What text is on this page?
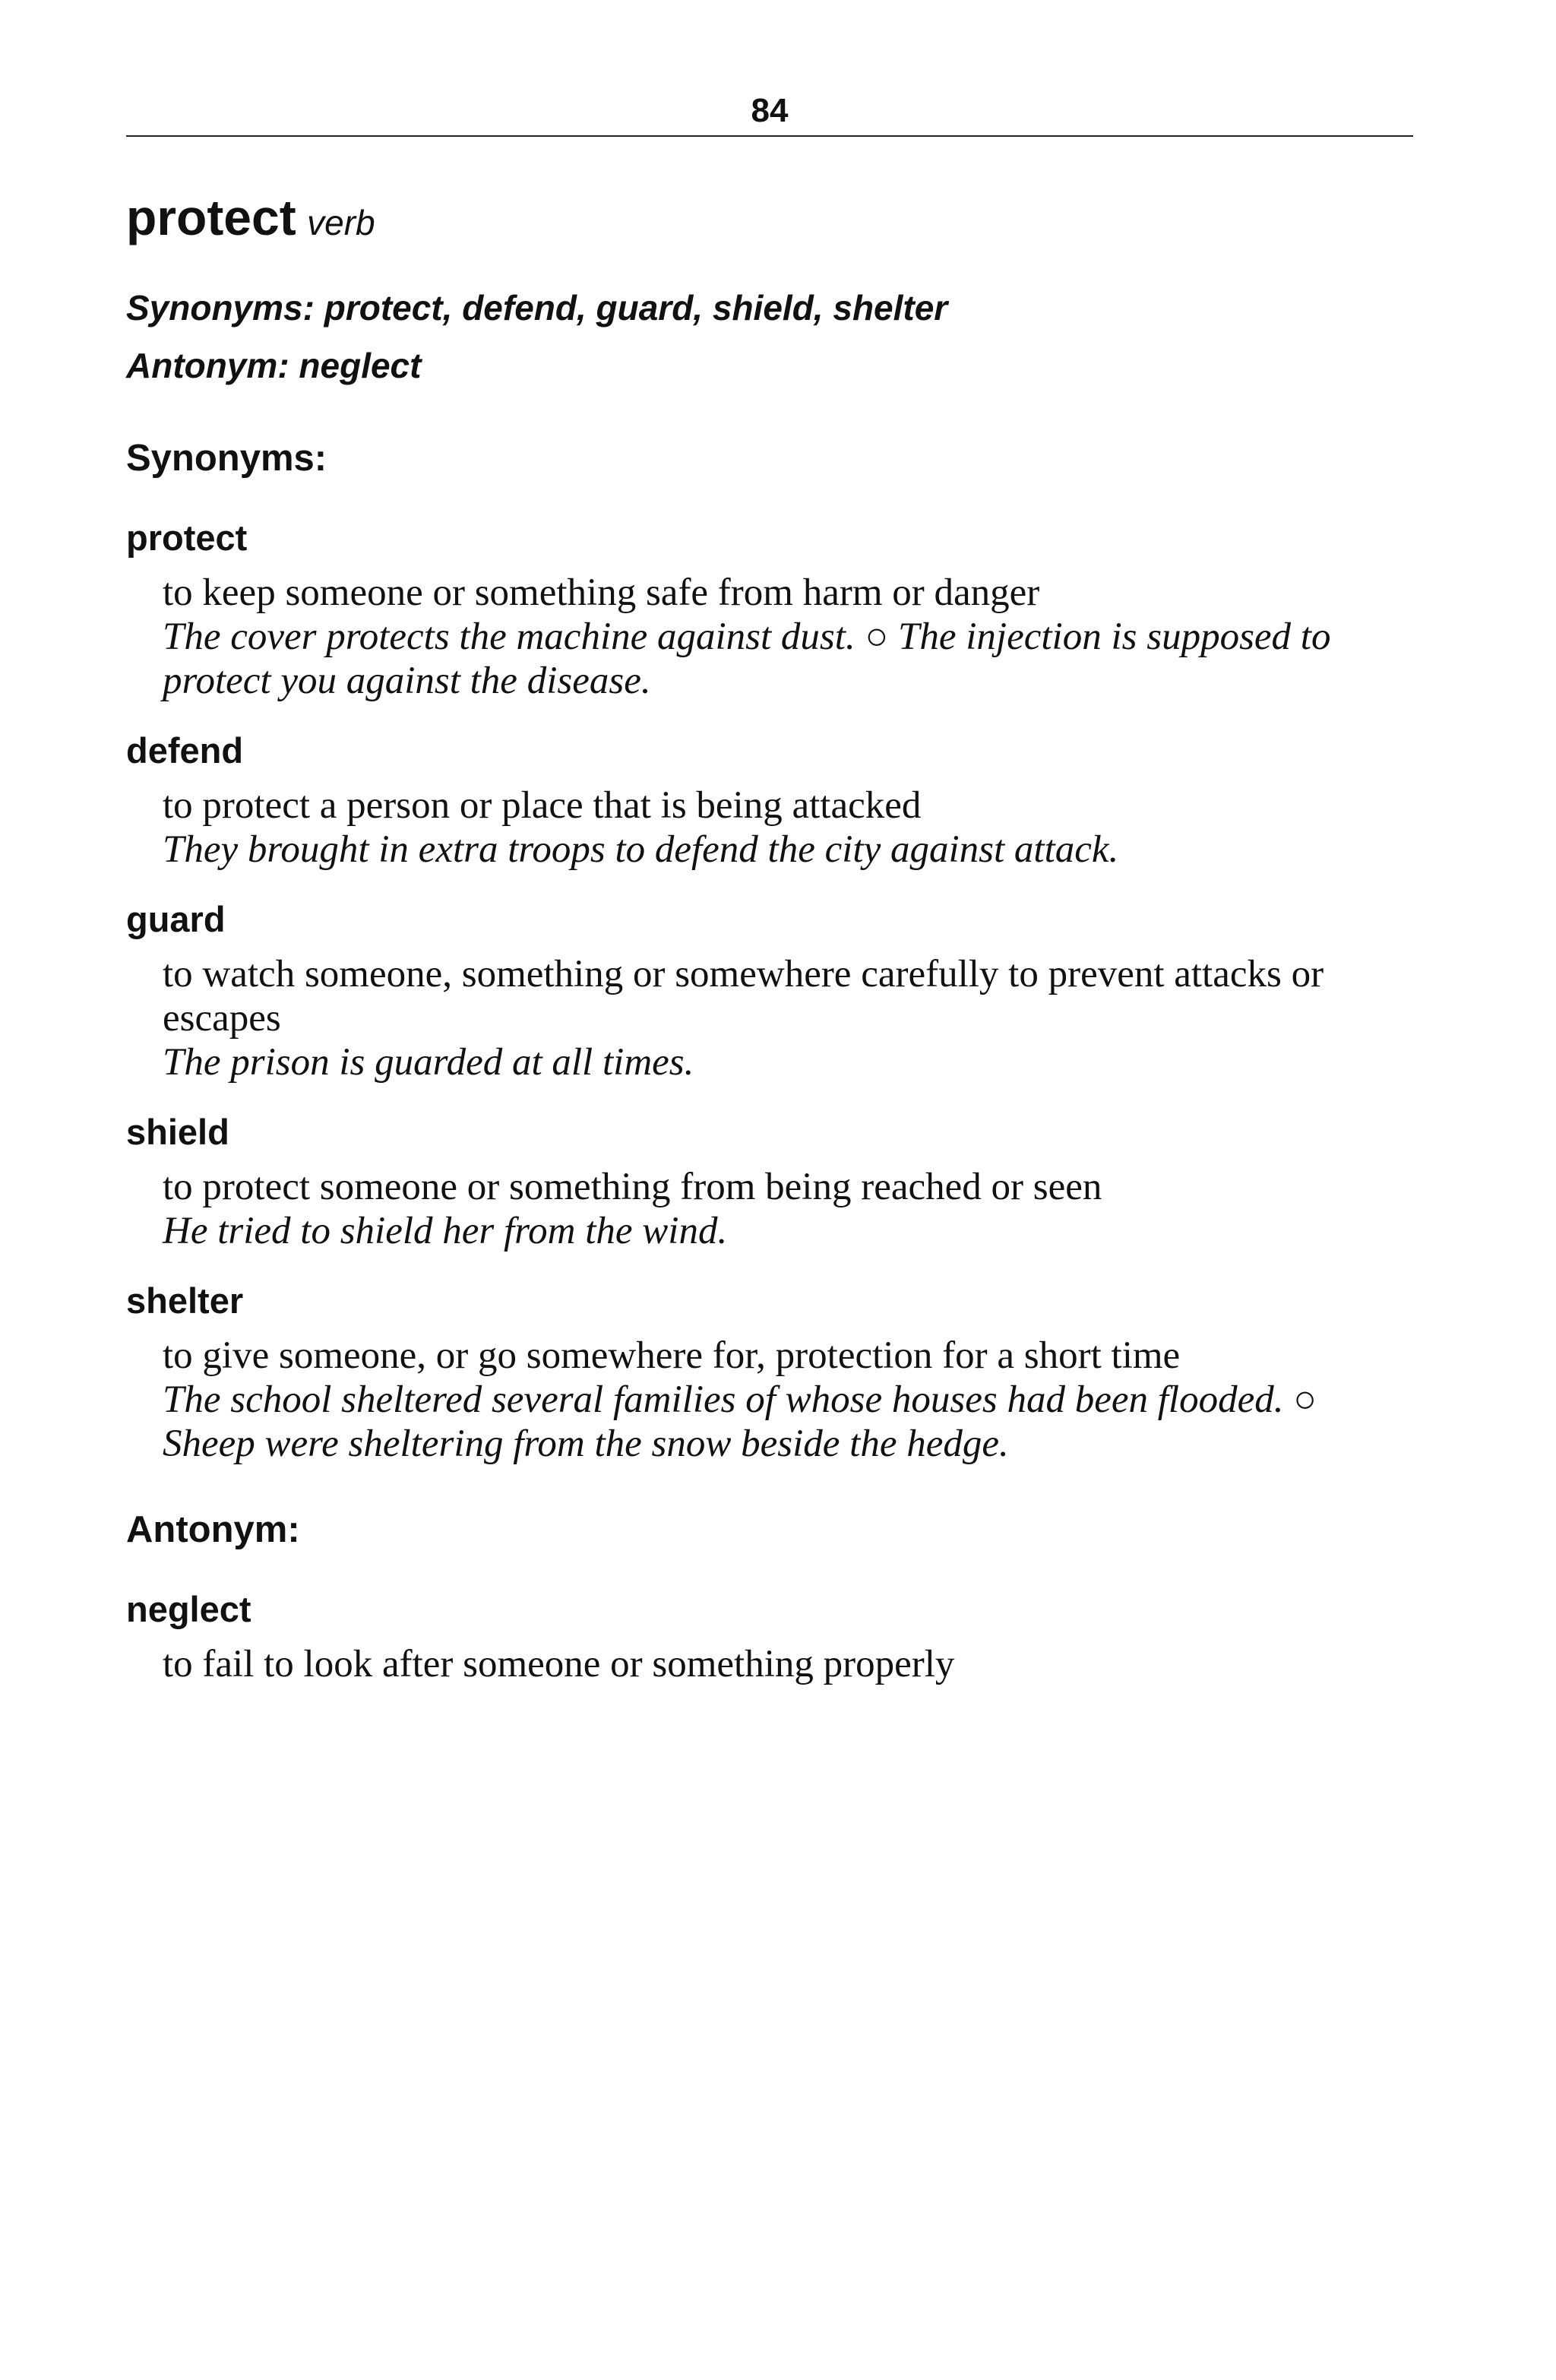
84
protect verb
Synonyms: protect, defend, guard, shield, shelter
Antonym: neglect
Synonyms:
protect
to keep someone or something safe from harm or danger
The cover protects the machine against dust. ○ The injection is supposed to protect you against the disease.
defend
to protect a person or place that is being attacked
They brought in extra troops to defend the city against attack.
guard
to watch someone, something or somewhere carefully to prevent attacks or escapes
The prison is guarded at all times.
shield
to protect someone or something from being reached or seen
He tried to shield her from the wind.
shelter
to give someone, or go somewhere for, protection for a short time
The school sheltered several families of whose houses had been flooded. ○ Sheep were sheltering from the snow beside the hedge.
Antonym:
neglect
to fail to look after someone or something properly
